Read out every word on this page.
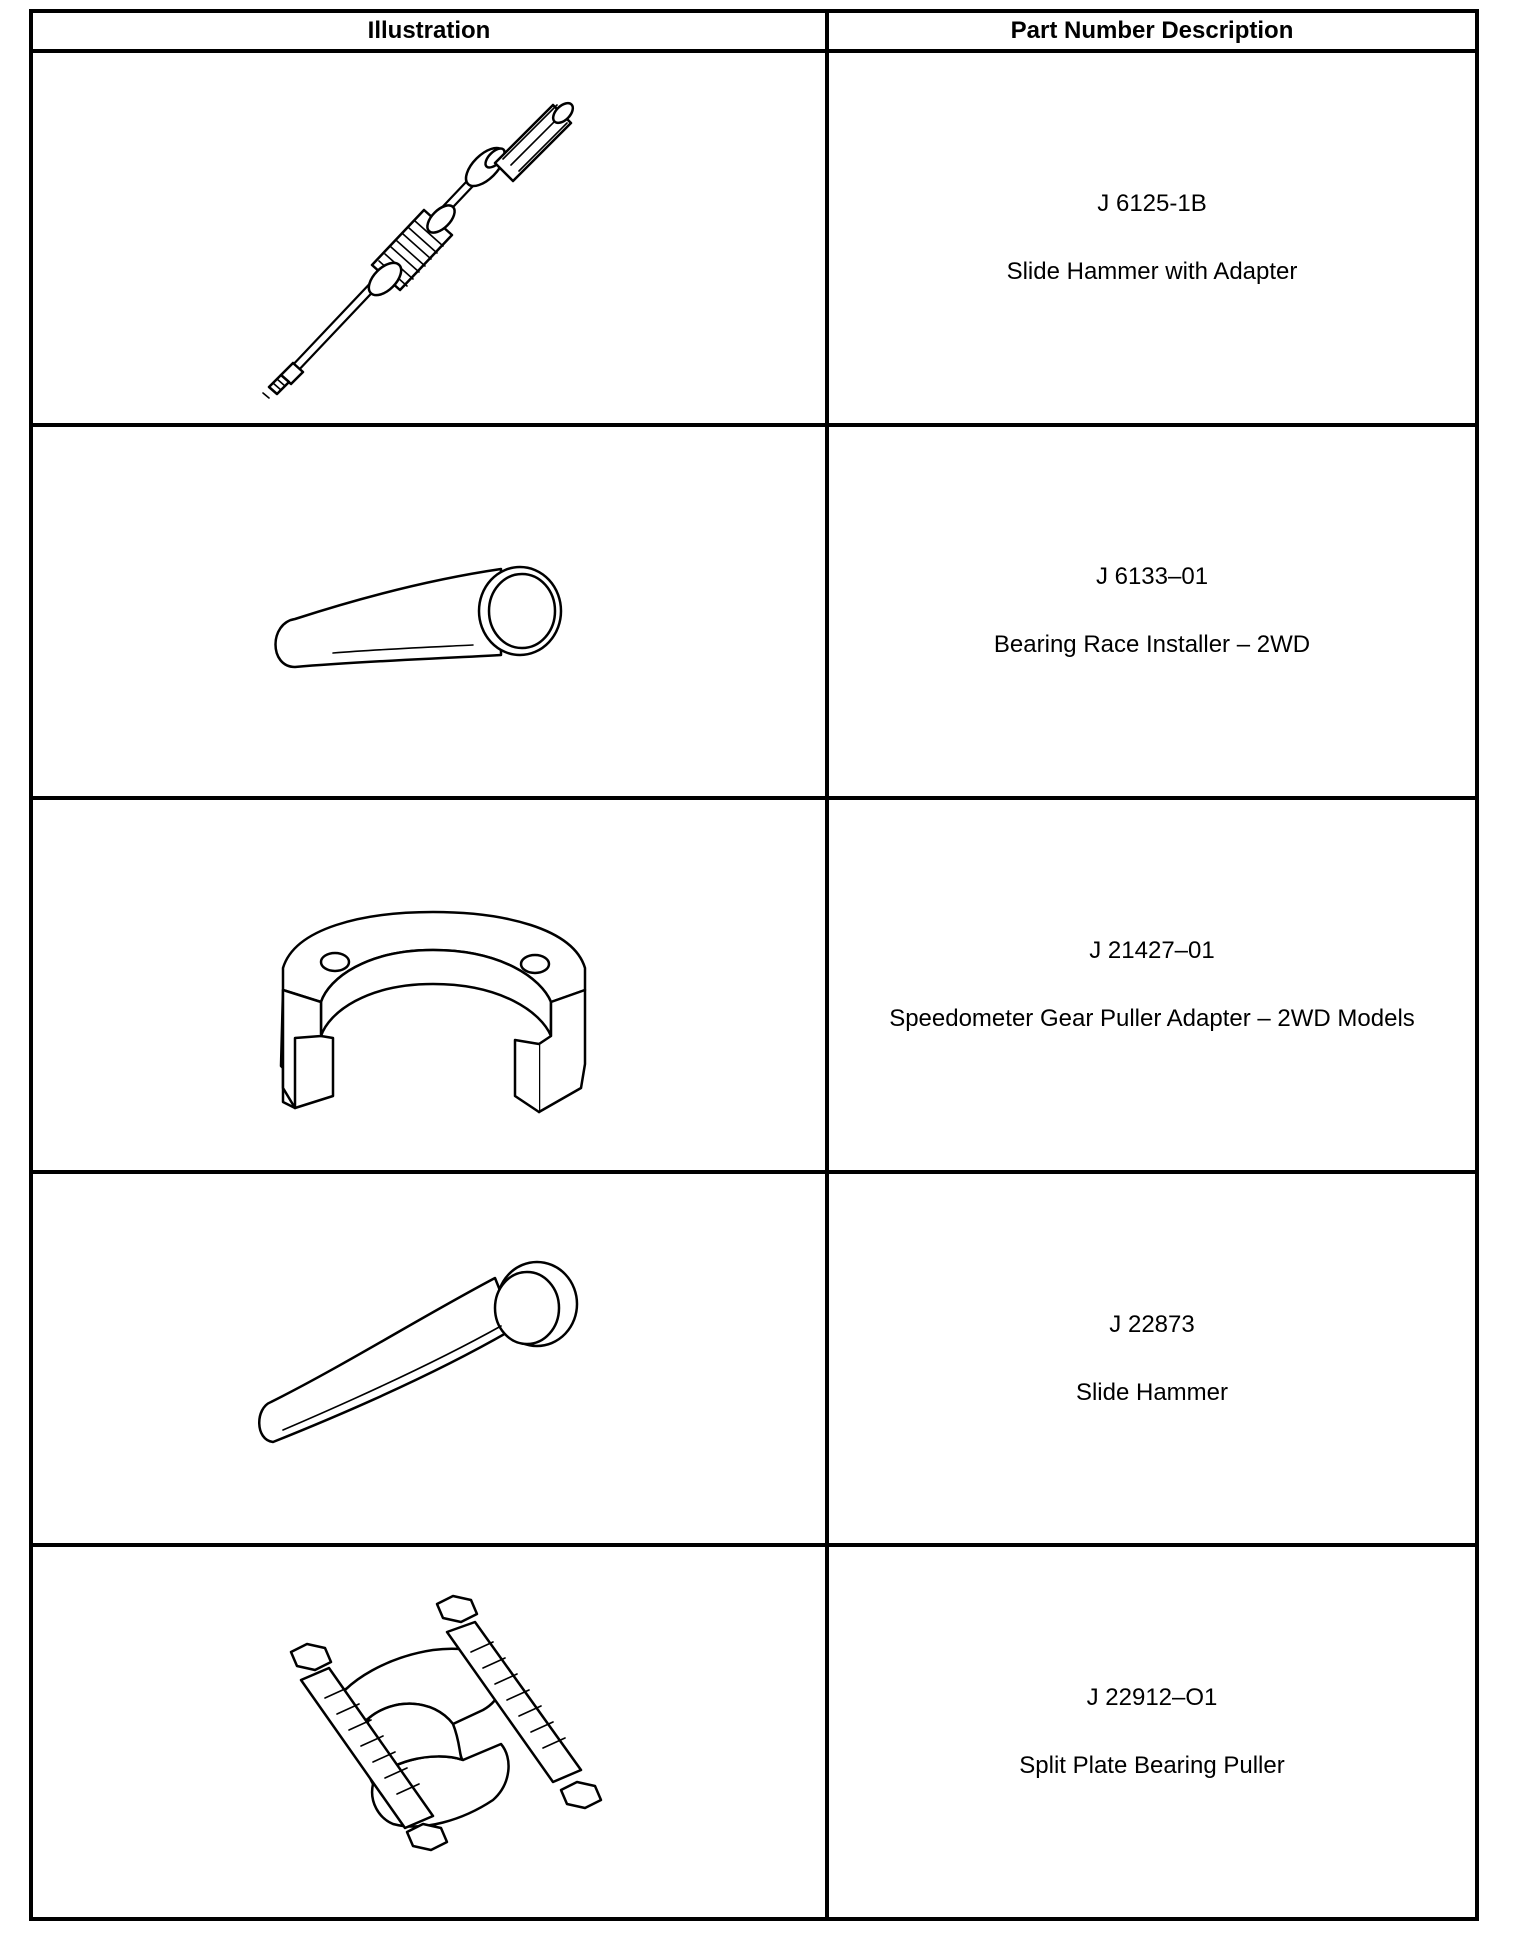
Illustration	Part Number Description

J 6125-1B
Slide Hammer with Adapter

J 6133–01
Bearing Race Installer – 2WD

J 21427–01
Speedometer Gear Puller Adapter – 2WD Models

J 22873
Slide Hammer

J 22912–O1
Split Plate Bearing Puller
